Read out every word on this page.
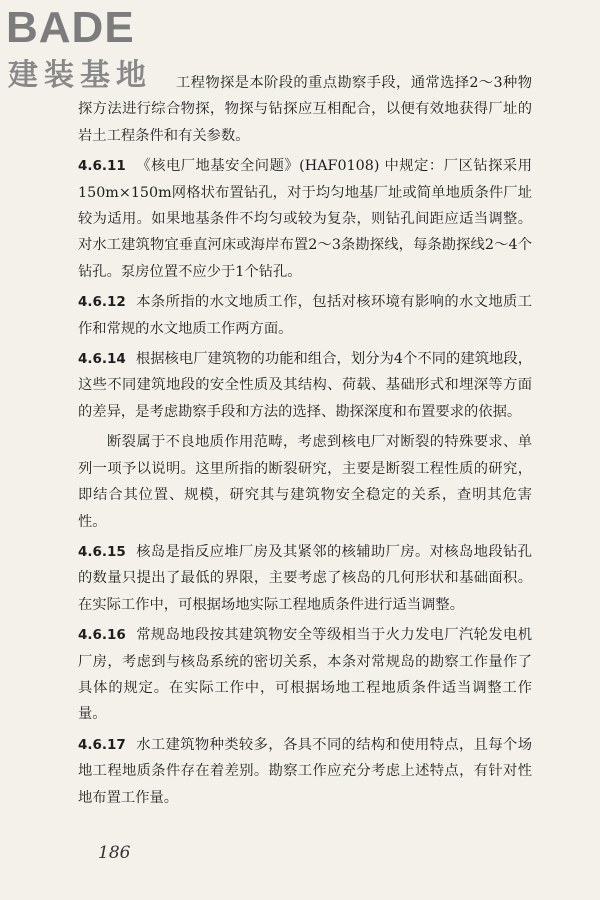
BADE
建装基地	工程物探是本阶段的重点勘察手段，通常选择2～3种物探方法进行综合物探，物探与钻探应互相配合，以便有效地获得厂址的岩土工程条件和有关参数。

4.6.11 《核电厂地基安全问题》(HAF0108) 中规定：厂区钻探采用150m×150m网格状布置钻孔，对于均匀地基厂址或简单地质条件厂址较为适用。如果地基条件不均匀或较为复杂，则钻孔间距应适当调整。对水工建筑物宜垂直河床或海岸布置2～3条勘探线，每条勘探线2～4个钻孔。泵房位置不应少于1个钻孔。

4.6.12 本条所指的水文地质工作，包括对核环境有影响的水文地质工作和常规的水文地质工作两方面。

4.6.14 根据核电厂建筑物的功能和组合，划分为4个不同的建筑地段，这些不同建筑地段的安全性质及其结构、荷载、基础形式和埋深等方面的差异，是考虑勘察手段和方法的选择、勘探深度和布置要求的依据。

断裂属于不良地质作用范畴，考虑到核电厂对断裂的特殊要求、单列一项予以说明。这里所指的断裂研究，主要是断裂工程性质的研究，即结合其位置、规模，研究其与建筑物安全稳定的关系，查明其危害性。

4.6.15 核岛是指反应堆厂房及其紧邻的核辅助厂房。对核岛地段钻孔的数量只提出了最低的界限，主要考虑了核岛的几何形状和基础面积。在实际工作中，可根据场地实际工程地质条件进行适当调整。

4.6.16 常规岛地段按其建筑物安全等级相当于火力发电厂汽轮发电机厂房，考虑到与核岛系统的密切关系，本条对常规岛的勘察工作量作了具体的规定。在实际工作中，可根据场地工程地质条件适当调整工作量。

4.6.17 水工建筑物种类较多，各具不同的结构和使用特点，且每个场地工程地质条件存在着差别。勘察工作应充分考虑上述特点，有针对性地布置工作量。

186
